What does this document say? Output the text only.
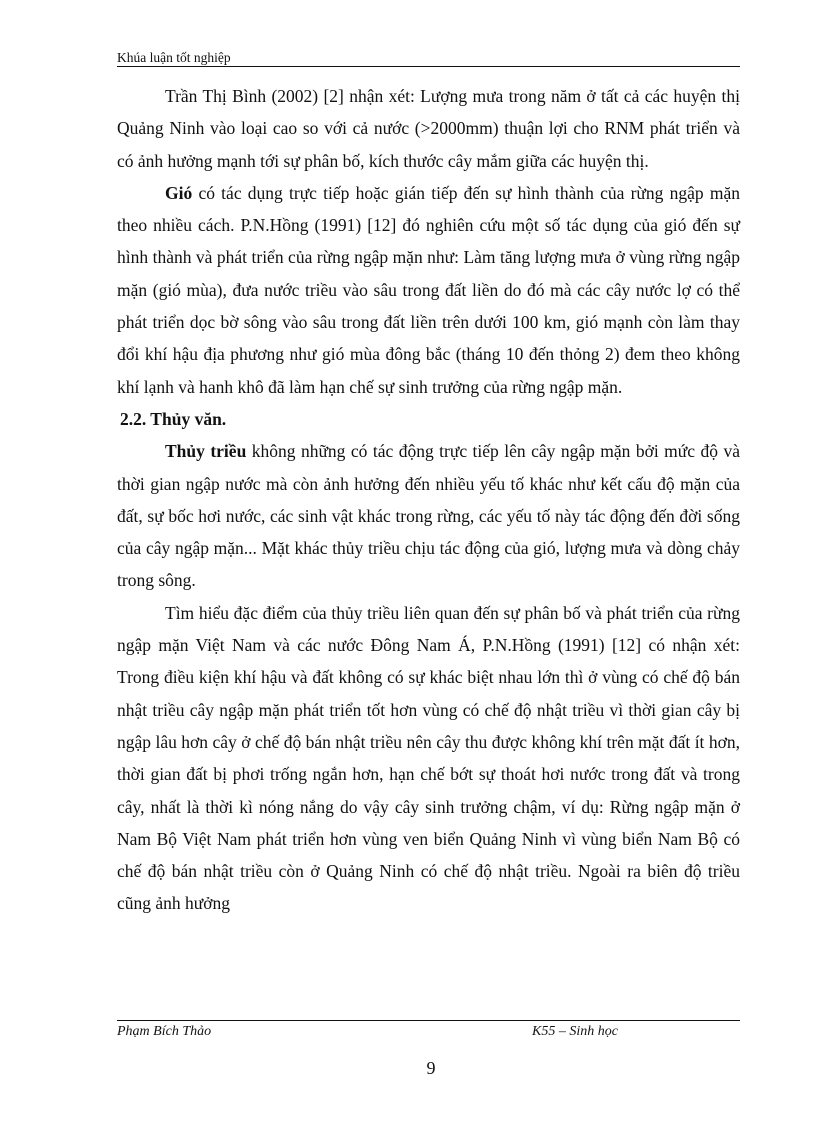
Khúa luận tốt nghiệp

Trần Thị Bình (2002) [2] nhận xét: Lượng mưa trong năm ở tất cả các huyện thị Quảng Ninh vào loại cao so với cả nước (>2000mm) thuận lợi cho RNM phát triển và có ảnh hưởng mạnh tới sự phân bố, kích thước cây mắm giữa các huyện thị.

Gió có tác dụng trực tiếp hoặc gián tiếp đến sự hình thành của rừng ngập mặn theo nhiều cách. P.N.Hồng (1991) [12] đó nghiên cứu một số tác dụng của gió đến sự hình thành và phát triển của rừng ngập mặn như: Làm tăng lượng mưa ở vùng rừng ngập mặn (gió mùa), đưa nước triều vào sâu trong đất liền do đó mà các cây nước lợ có thể phát triển dọc bờ sông vào sâu trong đất liền trên dưới 100 km, gió mạnh còn làm thay đổi khí hậu địa phương như gió mùa đông bắc (tháng 10 đến thỏng 2) đem theo không khí lạnh và hanh khô đã làm hạn chế sự sinh trưởng của rừng ngập mặn.

2.2. Thủy văn.

Thủy triều không những có tác động trực tiếp lên cây ngập mặn bởi mức độ và thời gian ngập nước mà còn ảnh hưởng đến nhiều yếu tố khác như kết cấu độ mặn của đất, sự bốc hơi nước, các sinh vật khác trong rừng, các yếu tố này tác động đến đời sống của cây ngập mặn... Mặt khác thủy triều chịu tác động của gió, lượng mưa và dòng chảy trong sông.

Tìm hiểu đặc điểm của thủy triều liên quan đến sự phân bố và phát triển của rừng ngập mặn Việt Nam và các nước Đông Nam Á, P.N.Hồng (1991) [12] có nhận xét: Trong điều kiện khí hậu và đất không có sự khác biệt nhau lớn thì ở vùng có chế độ bán nhật triều cây ngập mặn phát triển tốt hơn vùng có chế độ nhật triều vì thời gian cây bị ngập lâu hơn cây ở chế độ bán nhật triều nên cây thu được không khí trên mặt đất ít hơn, thời gian đất bị phơi trống ngắn hơn, hạn chế bớt sự thoát hơi nước trong đất và trong cây, nhất là thời kì nóng nắng do vậy cây sinh trưởng chậm, ví dụ: Rừng ngập mặn ở Nam Bộ Việt Nam phát triển hơn vùng ven biển Quảng Ninh vì vùng biển Nam Bộ có chế độ bán nhật triều còn ở Quảng Ninh có chế độ nhật triều. Ngoài ra biên độ triều cũng ảnh hưởng

Phạm Bích Thảo	K55 – Sinh học
9
